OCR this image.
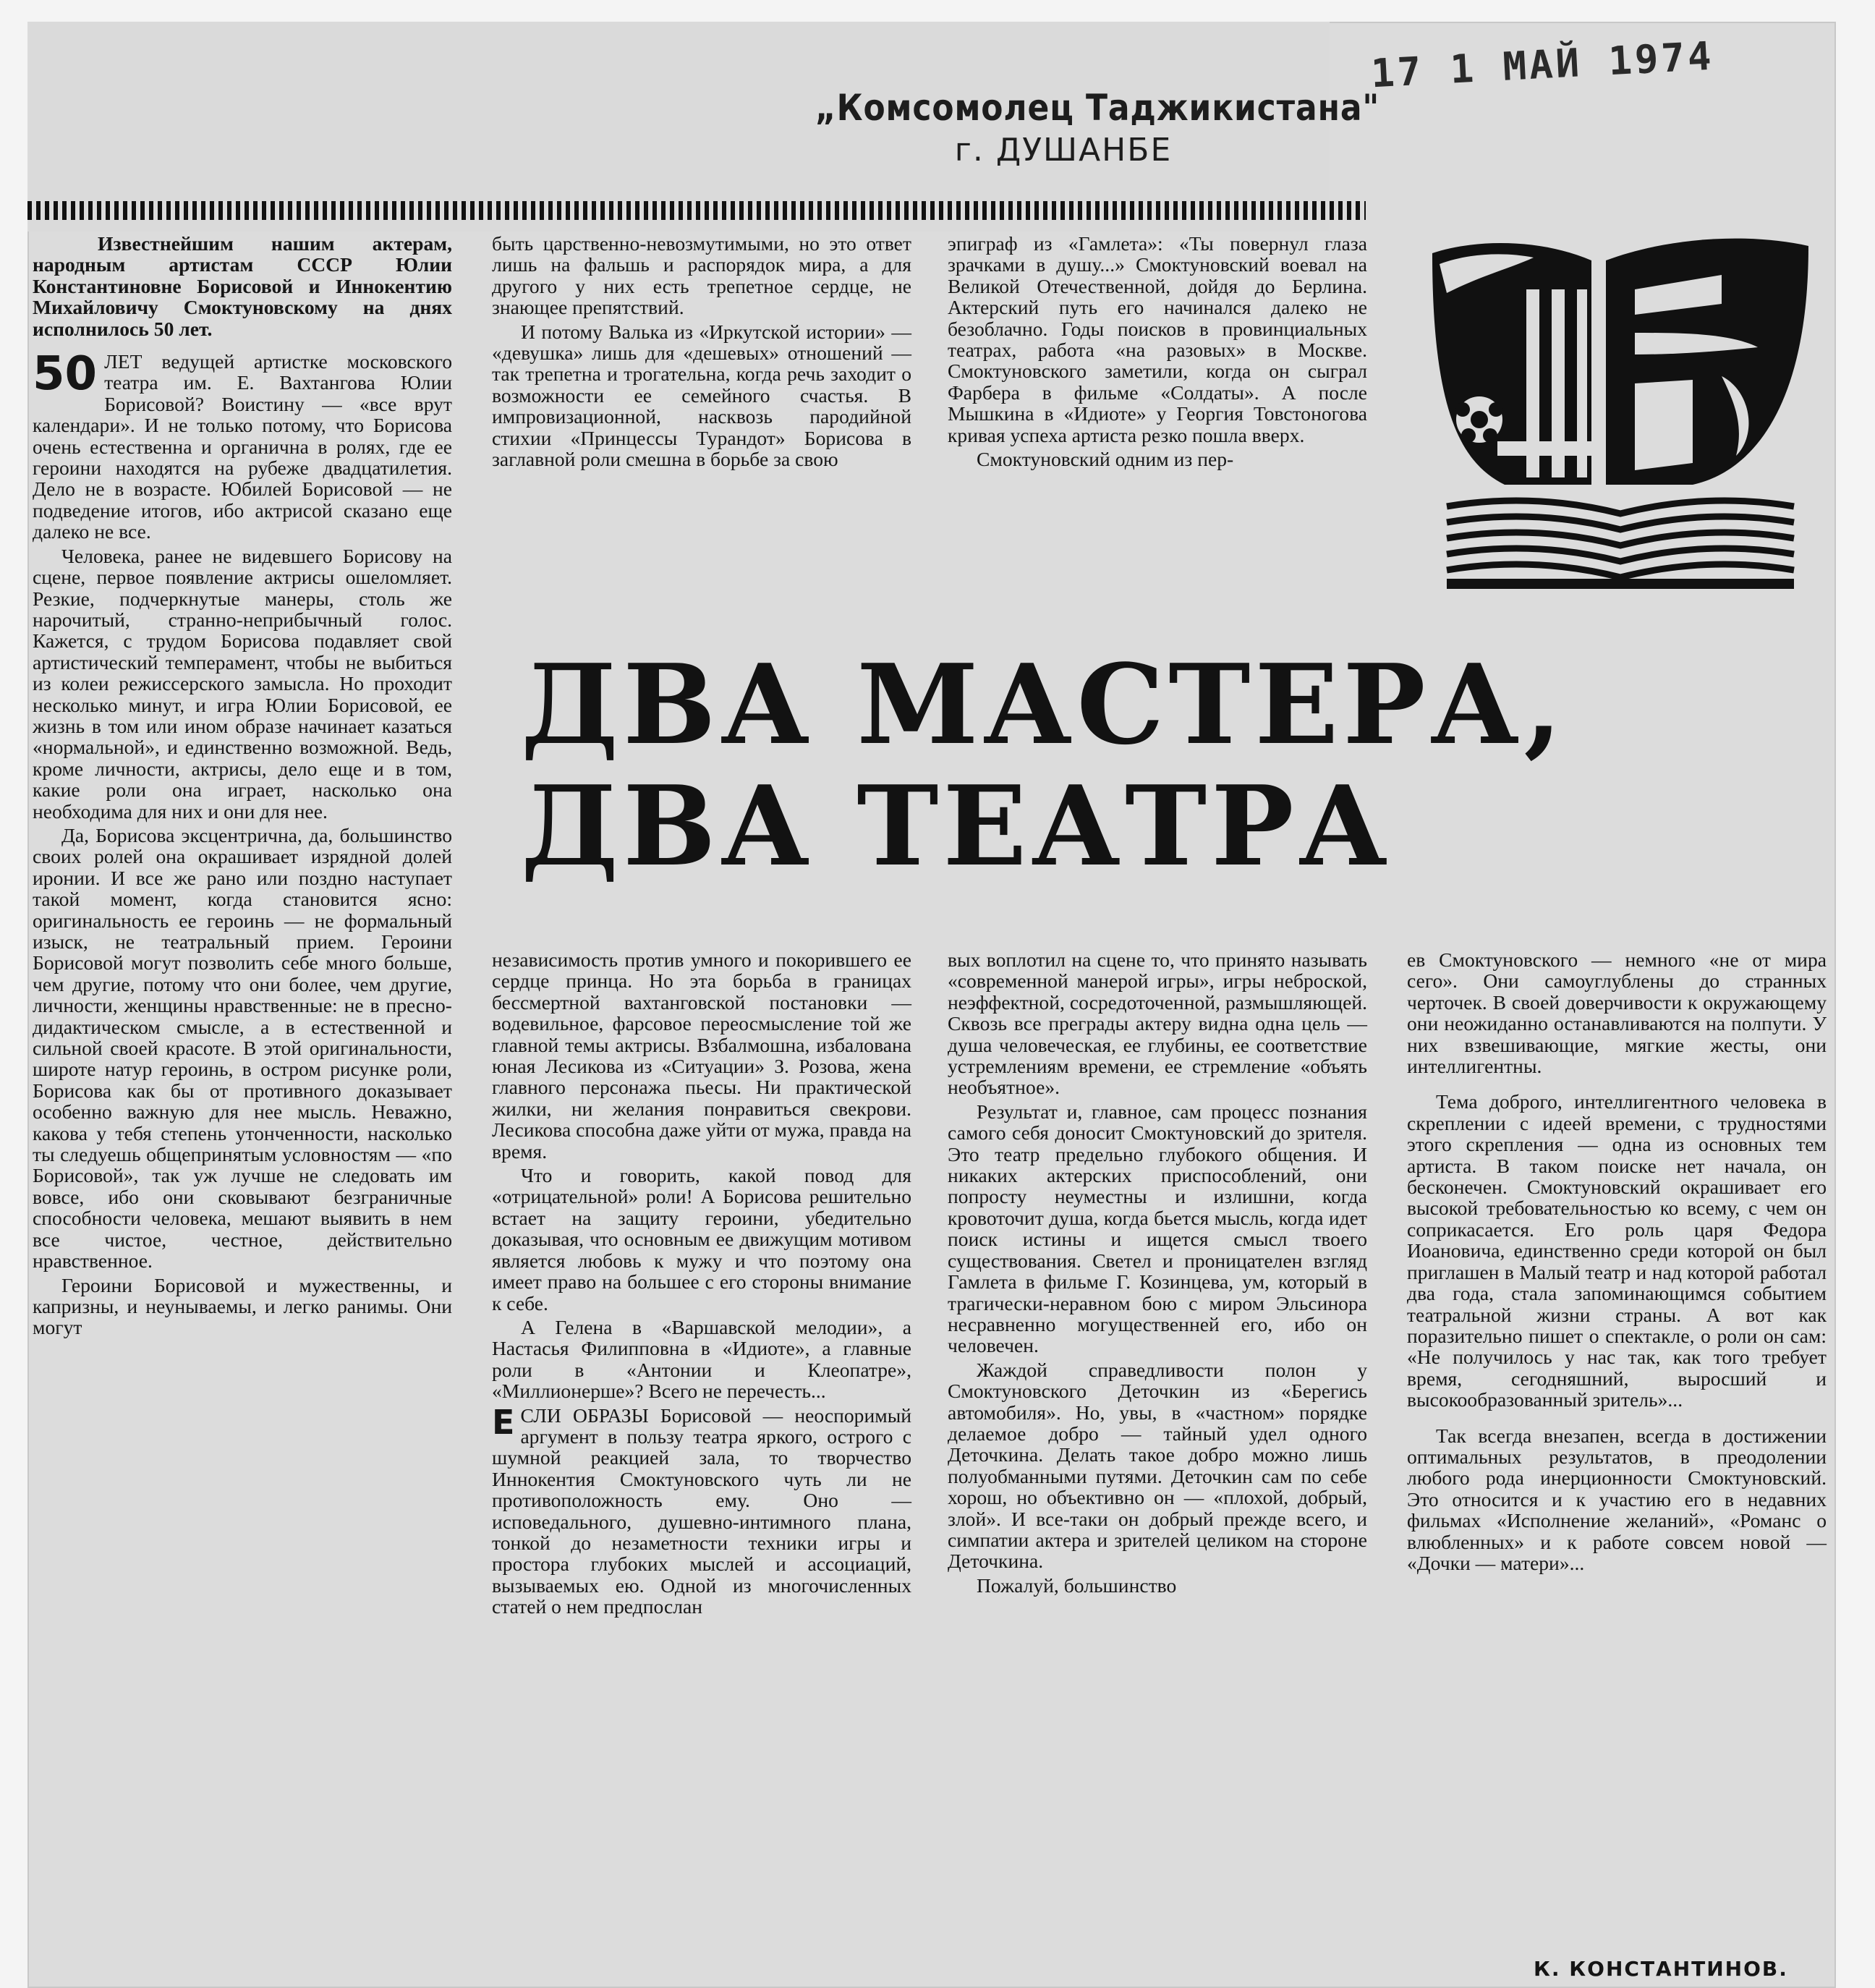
„Комсомолец Таджикистана"
г. ДУШАНБЕ
17 1 МАЙ 1974

Известнейшим нашим актерам, народным артистам СССР Юлии Константиновне Борисовой и Иннокентию Михайловичу Смоктуновскому на днях исполнилось 50 лет.

50 ЛЕТ ведущей артистке московского театра им. Е. Вахтангова Юлии Борисовой? Воистину — «все врут календари». И не только потому, что Борисова очень естественна и органична в ролях, где ее героини находятся на рубеже двадцатилетия. Дело не в возрасте. Юбилей Борисовой — не подведение итогов, ибо актрисой сказано еще далеко не все.

Человека, ранее не видевшего Борисову на сцене, первое появление актрисы ошеломляет. Резкие, подчеркнутые манеры, столь же нарочитый, странно-неприбычный голос. Кажется, с трудом Борисова подавляет свой артистический темперамент, чтобы не выбиться из колеи режиссерского замысла. Но проходит несколько минут, и игра Юлии Борисовой, ее жизнь в том или ином образе начинает казаться «нормальной», и единственно возможной. Ведь, кроме личности, актрисы, дело еще и в том, какие роли она играет, насколько она необходима для них и они для нее.

Да, Борисова эксцентрична, да, большинство своих ролей она окрашивает изрядной долей иронии. И все же рано или поздно наступает такой момент, когда становится ясно: оригинальность ее героинь — не формальный изыск, не театральный прием. Героини Борисовой могут позволить себе много больше, чем другие, потому что они более, чем другие, личности, женщины нравственные: не в пресно-дидактическом смысле, а в естественной и сильной своей красоте. В этой оригинальности, широте натур героинь, в остром рисунке роли, Борисова как бы от противного доказывает особенно важную для нее мысль. Неважно, какова у тебя степень утонченности, насколько ты следуешь общепринятым условностям — «по Борисовой», так уж лучше не следовать им вовсе, ибо они сковывают безграничные способности человека, мешают выявить в нем все чистое, честное, действительно нравственное.

Героини Борисовой и мужественны, и капризны, и неунываемы, и легко ранимы. Они могут

быть царственно-невозмутимыми, но это ответ лишь на фальшь и распорядок мира, а для другого у них есть трепетное сердце, не знающее препятствий.

И потому Валька из «Иркутской истории» — «девушка» лишь для «дешевых» отношений — так трепетна и трогательна, когда речь заходит о возможности ее семейного счастья. В импровизационной, насквозь пародийной стихии «Принцессы Турандот» Борисова в заглавной роли смешна в борьбе за свою

эпиграф из «Гамлета»: «Ты повернул глаза зрачками в душу...» Смоктуновский воевал на Великой Отечественной, дойдя до Берлина. Актерский путь его начинался далеко не безоблачно. Годы поисков в провинциальных театрах, работа «на разовых» в Москве. Смоктуновского заметили, когда он сыграл Фарбера в фильме «Солдаты». А после Мышкина в «Идиоте» у Георгия Товстоногова кривая успеха артиста резко пошла вверх.

Смоктуновский одним из пер-

ДВА МАСТЕРА,
ДВА ТЕАТРА

независимость против умного и покорившего ее сердце принца. Но эта борьба в границах бессмертной вахтанговской постановки — водевильное, фарсовое переосмысление той же главной темы актрисы. Взбалмошна, избалована юная Лесикова из «Ситуации» З. Розова, жена главного персонажа пьесы. Ни практической жилки, ни желания понравиться свекрови. Лесикова способна даже уйти от мужа, правда на время.

Что и говорить, какой повод для «отрицательной» роли! А Борисова решительно встает на защиту героини, убедительно доказывая, что основным ее движущим мотивом является любовь к мужу и что поэтому она имеет право на большее с его стороны внимание к себе.

А Гелена в «Варшавской мелодии», а Настасья Филипповна в «Идиоте», а главные роли в «Антонии и Клеопатре», «Миллионерше»? Всего не перечесть...

Е СЛИ ОБРАЗЫ Борисовой — неоспоримый аргумент в пользу театра яркого, острого с шумной реакцией зала, то творчество Иннокентия Смоктуновского чуть ли не противоположность ему. Оно — исповедального, душевно-интимного плана, тонкой до незаметности техники игры и простора глубоких мыслей и ассоциаций, вызываемых ею. Одной из многочисленных статей о нем предпослан

вых воплотил на сцене то, что принято называть «современной манерой игры», игры неброской, неэффектной, сосредоточенной, размышляющей. Сквозь все преграды актеру видна одна цель — душа человеческая, ее глубины, ее соответствие устремлениям времени, ее стремление «объять необъятное».

Результат и, главное, сам процесс познания самого себя доносит Смоктуновский до зрителя. Это театр предельно глубокого общения. И никаких актерских приспособлений, они попросту неуместны и излишни, когда кровоточит душа, когда бьется мысль, когда идет поиск истины и ищется смысл твоего существования. Светел и проницателен взгляд Гамлета в фильме Г. Козинцева, ум, который в трагически-неравном бою с миром Эльсинора несравненно могущественней его, ибо он человечен.

Жаждой справедливости полон у Смоктуновского Деточкин из «Берегись автомобиля». Но, увы, в «частном» порядке делаемое добро — тайный удел одного Деточкина. Делать такое добро можно лишь полуобманными путями. Деточкин сам по себе хорош, но объективно он — «плохой, добрый, злой». И все-таки он добрый прежде всего, и симпатии актера и зрителей целиком на стороне Деточкина.

Пожалуй, большинство

ев Смоктуновского — немного «не от мира сего». Они самоуглублены до странных черточек. В своей доверчивости к окружающему они неожиданно останавливаются на полпути. У них взвешивающие, мягкие жесты, они интеллигентны.

Тема доброго, интеллигентного человека в скреплении с идеей времени, с трудностями этого скрепления — одна из основных тем артиста. В таком поиске нет начала, он бесконечен. Смоктуновский окрашивает его высокой требовательностью ко всему, с чем он соприкасается. Его роль царя Федора Иоановича, единственно среди которой он был приглашен в Малый театр и над которой работал два года, стала запоминающимся событием театральной жизни страны. А вот как поразительно пишет о спектакле, о роли он сам: «Не получилось у нас так, как того требует время, сегодняшний, выросший и высокообразованный зритель»...

Так всегда внезапен, всегда в достижении оптимальных результатов, в преодолении любого рода инерционности Смоктуновский. Это относится и к участию его в недавних фильмах «Исполнение желаний», «Романс о влюбленных» и к работе совсем новой — «Дочки — матери»...

К. КОНСТАНТИНОВ.
